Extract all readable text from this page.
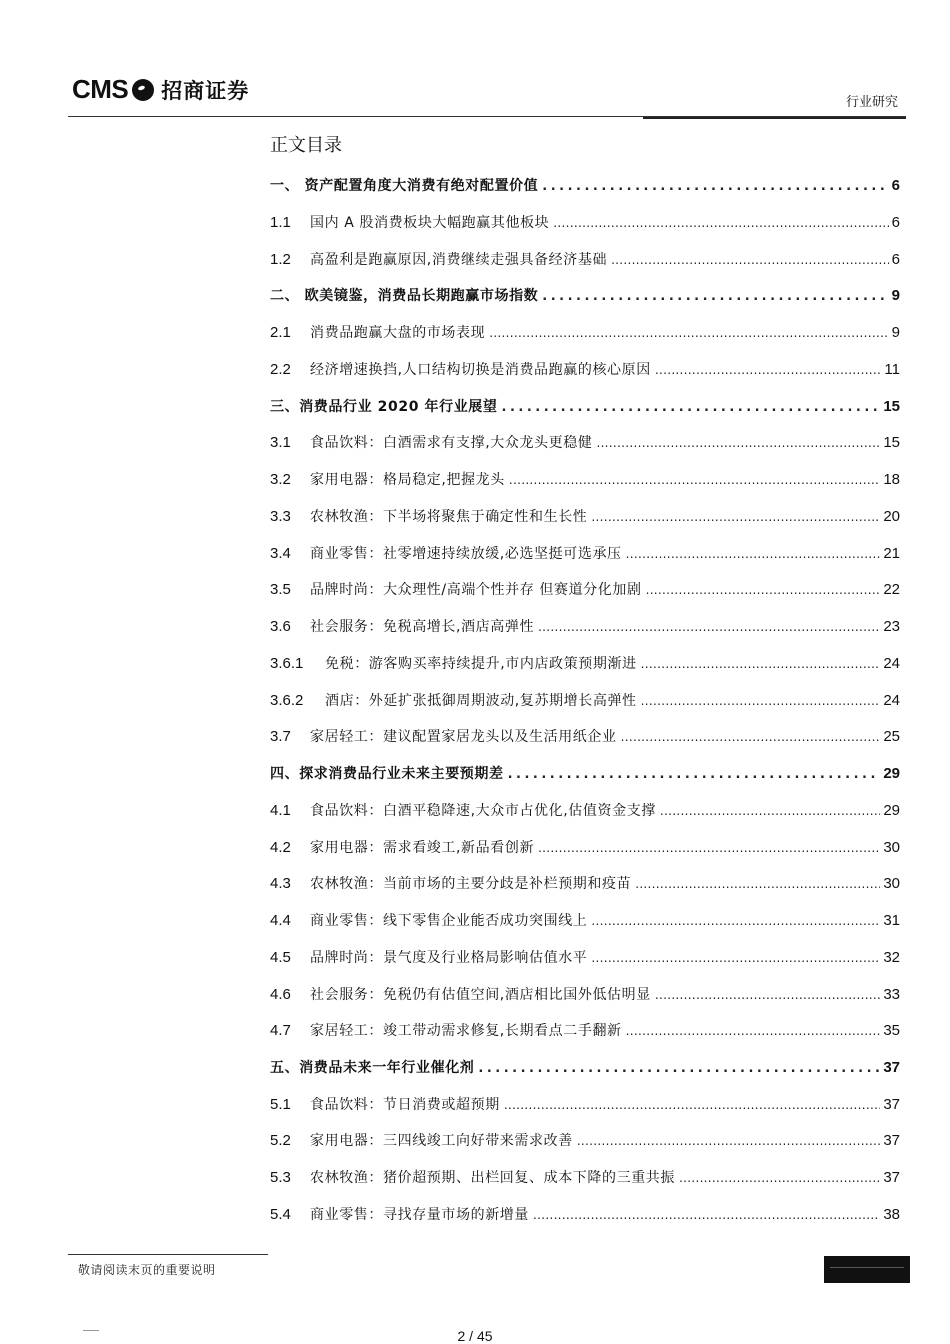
CMS 招商证券	行业研究
正文目录
一、 资产配置角度大消费有绝对配置价值 .....	6
1.1	国内 A 股消费板块大幅跑赢其他板块 .....	6
1.2	高盈利是跑赢原因,消费继续走强具备经济基础 .....	6
二、 欧美镜鉴，消费品长期跑赢市场指数 .....	9
2.1	消费品跑赢大盘的市场表现 .....	9
2.2	经济增速换挡,人口结构切换是消费品跑赢的核心原因 .....	11
三、消费品行业 2020 年行业展望 .....	15
3.1	食品饮料：白酒需求有支撑,大众龙头更稳健 .....	15
3.2	家用电器：格局稳定,把握龙头 .....	18
3.3	农林牧渔：下半场将聚焦于确定性和生长性 .....	20
3.4	商业零售：社零增速持续放缓,必选坚挺可选承压 .....	21
3.5	品牌时尚：大众理性/高端个性并存 但赛道分化加剧 .....	22
3.6	社会服务：免税高增长,酒店高弹性 .....	23
3.6.1	免税：游客购买率持续提升,市内店政策预期渐进 .....	24
3.6.2	酒店：外延扩张抵御周期波动,复苏期增长高弹性 .....	24
3.7	家居轻工：建议配置家居龙头以及生活用纸企业 .....	25
四、探求消费品行业未来主要预期差 .....	29
4.1	食品饮料：白酒平稳降速,大众市占优化,估值资金支撑 .....	29
4.2	家用电器：需求看竣工,新品看创新 .....	30
4.3	农林牧渔：当前市场的主要分歧是补栏预期和疫苗 .....	30
4.4	商业零售：线下零售企业能否成功突围线上 .....	31
4.5	品牌时尚：景气度及行业格局影响估值水平 .....	32
4.6	社会服务：免税仍有估值空间,酒店相比国外低估明显 .....	33
4.7	家居轻工：竣工带动需求修复,长期看点二手翻新 .....	35
五、消费品未来一年行业催化剂 .....	37
5.1	食品饮料：节日消费或超预期 .....	37
5.2	家用电器：三四线竣工向好带来需求改善 .....	37
5.3	农林牧渔：猪价超预期、出栏回复、成本下降的三重共振 .....	37
5.4	商业零售：寻找存量市场的新增量 .....	38
敬请阅读末页的重要说明
2 / 45
